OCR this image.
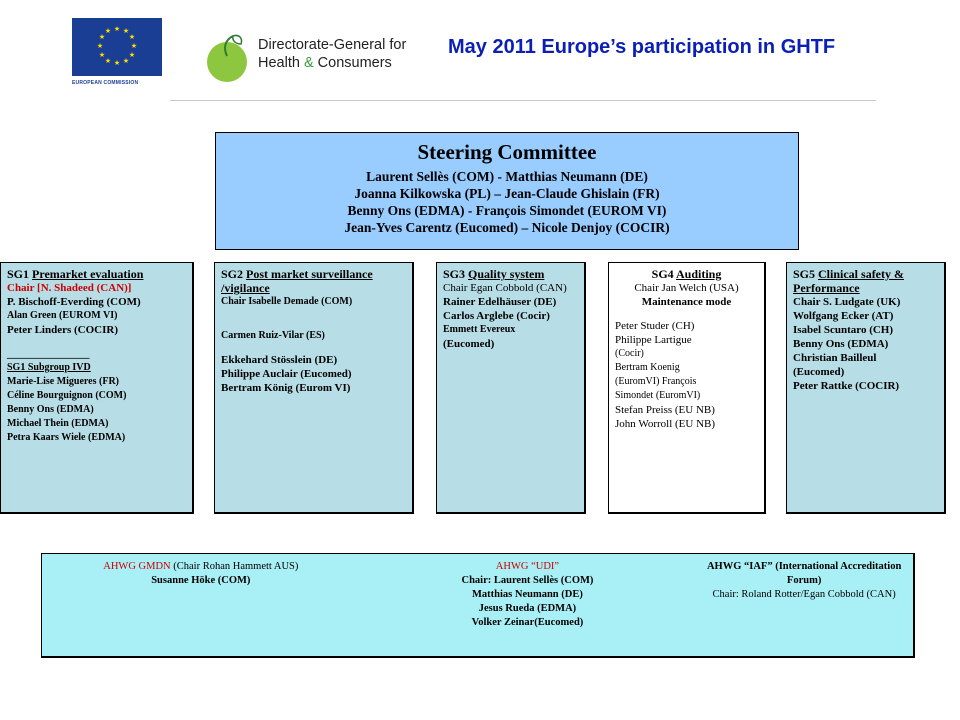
★ ★
★
★
★
★
★
★
★
★
★
★
EUROPEAN COMMISSION
Directorate-General for
Health & Consumers
May 2011 Europe’s participation in GHTF
Steering Committee
Laurent Sellès (COM) - Matthias Neumann (DE)
Joanna Kilkowska (PL) – Jean-Claude Ghislain (FR)
Benny Ons (EDMA) - François Simondet (EUROM VI)
Jean-Yves Carentz (Eucomed) – Nicole Denjoy (COCIR)
SG1 Premarket evaluation
Chair [N. Shadeed (CAN)]
P. Bischoff-Everding (COM)
Alan Green (EUROM VI)
Peter Linders (COCIR)
_______________
SG1 Subgroup IVD
Marie-Lise Migueres (FR)
Céline Bourguignon (COM)
Benny Ons (EDMA)
Michael Thein (EDMA)
Petra Kaars Wiele (EDMA)
SG2 Post market surveillance /vigilance
Chair Isabelle Demade (COM)
Carmen Ruiz-Vilar (ES)
Ekkehard Stösslein (DE)
Philippe Auclair (Eucomed)
Bertram König (Eurom VI)
SG3 Quality system
Chair Egan Cobbold (CAN)
Rainer Edelhäuser (DE)
Carlos Arglebe (Cocir)
Emmett Evereux
(Eucomed)
SG4 Auditing
Chair Jan Welch (USA)
Maintenance mode
Peter Studer (CH)
Philippe Lartigue
(Cocir)
Bertram Koenig
(EuromVI) François
Simondet (EuromVI)
Stefan Preiss (EU NB)
John Worroll (EU NB)
SG5 Clinical safety & Performance
Chair S. Ludgate (UK)
Wolfgang Ecker (AT)
Isabel Scuntaro (CH)
Benny Ons (EDMA)
Christian Bailleul
(Eucomed)
Peter Rattke (COCIR)
AHWG GMDN (Chair Rohan Hammett AUS)
Susanne Höke (COM)
AHWG “UDI”
Chair: Laurent Sellès (COM)
Matthias Neumann (DE)
Jesus Rueda (EDMA)
Volker Zeinar(Eucomed)
AHWG “IAF” (International Accreditation Forum)
Chair: Roland Rotter/Egan Cobbold (CAN)
